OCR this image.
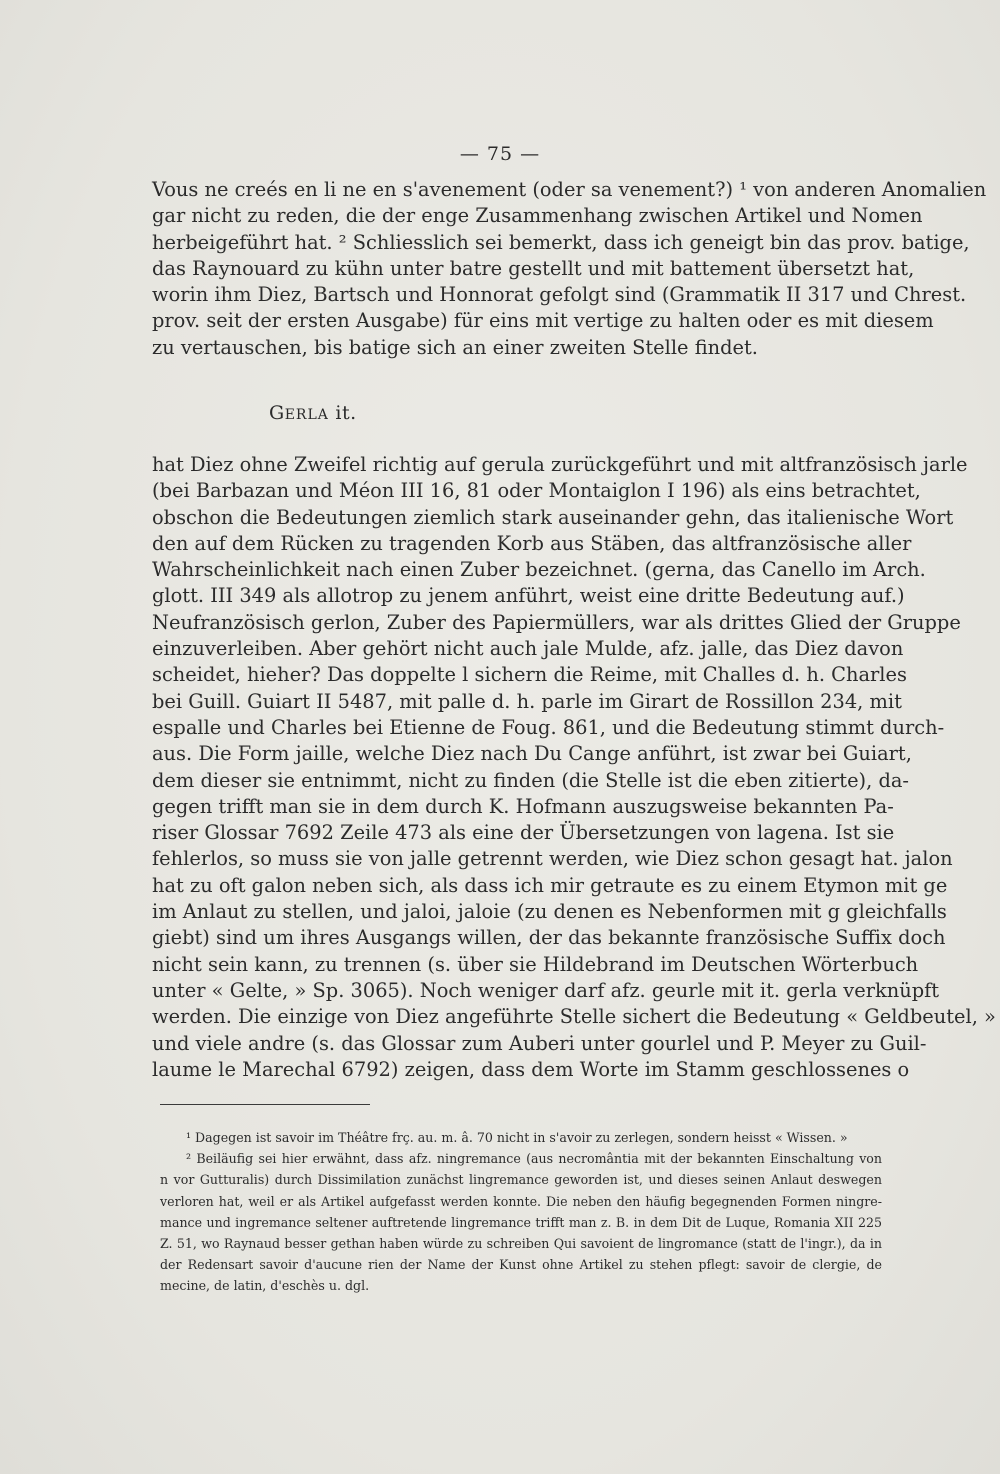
— 75 —
Vous ne creés en li ne en s'avenement (oder sa venement?) ¹ von anderen Anomalien
gar nicht zu reden, die der enge Zusammenhang zwischen Artikel und Nomen
herbeigeführt hat. ² Schliesslich sei bemerkt, dass ich geneigt bin das prov. batige,
das Raynouard zu kühn unter batre gestellt und mit battement übersetzt hat,
worin ihm Diez, Bartsch und Honnorat gefolgt sind (Grammatik II 317 und Chrest.
prov. seit der ersten Ausgabe) für eins mit vertige zu halten oder es mit diesem
zu vertauschen, bis batige sich an einer zweiten Stelle findet.
GERLA it.
hat Diez ohne Zweifel richtig auf gerula zurückgeführt und mit altfranzösisch jarle
(bei Barbazan und Méon III 16, 81 oder Montaiglon I 196) als eins betrachtet,
obschon die Bedeutungen ziemlich stark auseinander gehn, das italienische Wort
den auf dem Rücken zu tragenden Korb aus Stäben, das altfranzösische aller
Wahrscheinlichkeit nach einen Zuber bezeichnet. (gerna, das Canello im Arch.
glott. III 349 als allotrop zu jenem anführt, weist eine dritte Bedeutung auf.)
Neufranzösisch gerlon, Zuber des Papiermüllers, war als drittes Glied der Gruppe
einzuverleiben. Aber gehört nicht auch jale Mulde, afz. jalle, das Diez davon
scheidet, hieher? Das doppelte l sichern die Reime, mit Challes d. h. Charles
bei Guill. Guiart II 5487, mit palle d. h. parle im Girart de Rossillon 234, mit
espalle und Charles bei Etienne de Foug. 861, und die Bedeutung stimmt durch-
aus. Die Form jaille, welche Diez nach Du Cange anführt, ist zwar bei Guiart,
dem dieser sie entnimmt, nicht zu finden (die Stelle ist die eben zitierte), da-
gegen trifft man sie in dem durch K. Hofmann auszugsweise bekannten Pa-
riser Glossar 7692 Zeile 473 als eine der Übersetzungen von lagena. Ist sie
fehlerlos, so muss sie von jalle getrennt werden, wie Diez schon gesagt hat. jalon
hat zu oft galon neben sich, als dass ich mir getraute es zu einem Etymon mit ge
im Anlaut zu stellen, und jaloi, jaloie (zu denen es Nebenformen mit g gleichfalls
giebt) sind um ihres Ausgangs willen, der das bekannte französische Suffix doch
nicht sein kann, zu trennen (s. über sie Hildebrand im Deutschen Wörterbuch
unter « Gelte, » Sp. 3065). Noch weniger darf afz. geurle mit it. gerla verknüpft
werden. Die einzige von Diez angeführte Stelle sichert die Bedeutung « Geldbeutel, »
und viele andre (s. das Glossar zum Auberi unter gourlel und P. Meyer zu Guil-
laume le Marechal 6792) zeigen, dass dem Worte im Stamm geschlossenes o
¹ Dagegen ist savoir im Théâtre frç. au. m. â. 70 nicht in s'avoir zu zerlegen, sondern heisst « Wissen. »
² Beiläufig sei hier erwähnt, dass afz. ningremance (aus necromântia mit der bekannten Einschaltung von
n vor Gutturalis) durch Dissimilation zunächst lingremance geworden ist, und dieses seinen Anlaut deswegen
verloren hat, weil er als Artikel aufgefasst werden konnte. Die neben den häufig begegnenden Formen ningre-
mance und ingremance seltener auftretende lingremance trifft man z. B. in dem Dit de Luque, Romania XII 225
Z. 51, wo Raynaud besser gethan haben würde zu schreiben Qui savoient de lingromance (statt de l'ingr.), da in
der Redensart savoir d'aucune rien der Name der Kunst ohne Artikel zu stehen pflegt: savoir de clergie, de
mecine, de latin, d'eschès u. dgl.
